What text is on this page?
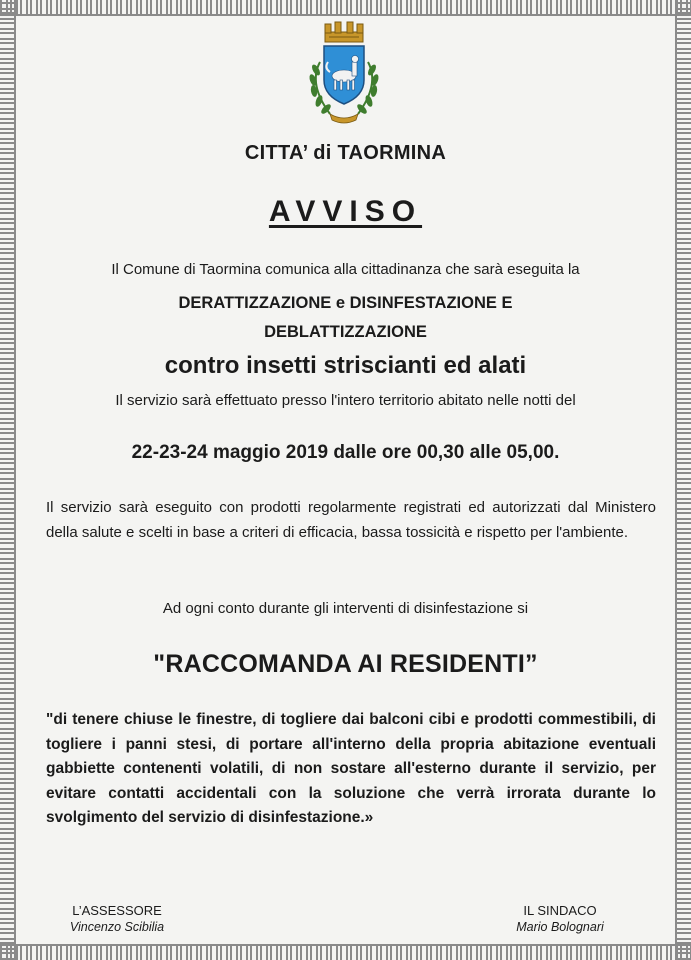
CITTA’ di TAORMINA
AVVISO
Il Comune di Taormina comunica alla cittadinanza che sarà eseguita la
DERATTIZZAZIONE e DISINFESTAZIONE E
DEBLATTIZZAZIONE
contro insetti striscianti ed alati
Il servizio sarà effettuato presso l'intero territorio abitato nelle notti del
22-23-24 maggio 2019 dalle ore 00,30 alle 05,00.
Il servizio sarà eseguito con prodotti regolarmente registrati ed autorizzati dal Ministero della salute e scelti in base a criteri di efficacia, bassa tossicità e rispetto per l'ambiente.
Ad ogni conto durante gli interventi di disinfestazione si
"RACCOMANDA AI RESIDENTI”
"di tenere chiuse le finestre, di togliere dai balconi cibi e prodotti commestibili, di togliere i panni stesi, di portare all'interno della propria abitazione eventuali gabbiette contenenti volatili, di non sostare all'esterno durante il servizio, per evitare contatti accidentali con la soluzione che verrà irrorata durante lo svolgimento del servizio di disinfestazione.»
L’ASSESSORE
Vincenzo Scibilia
IL SINDACO
Mario Bolognari
